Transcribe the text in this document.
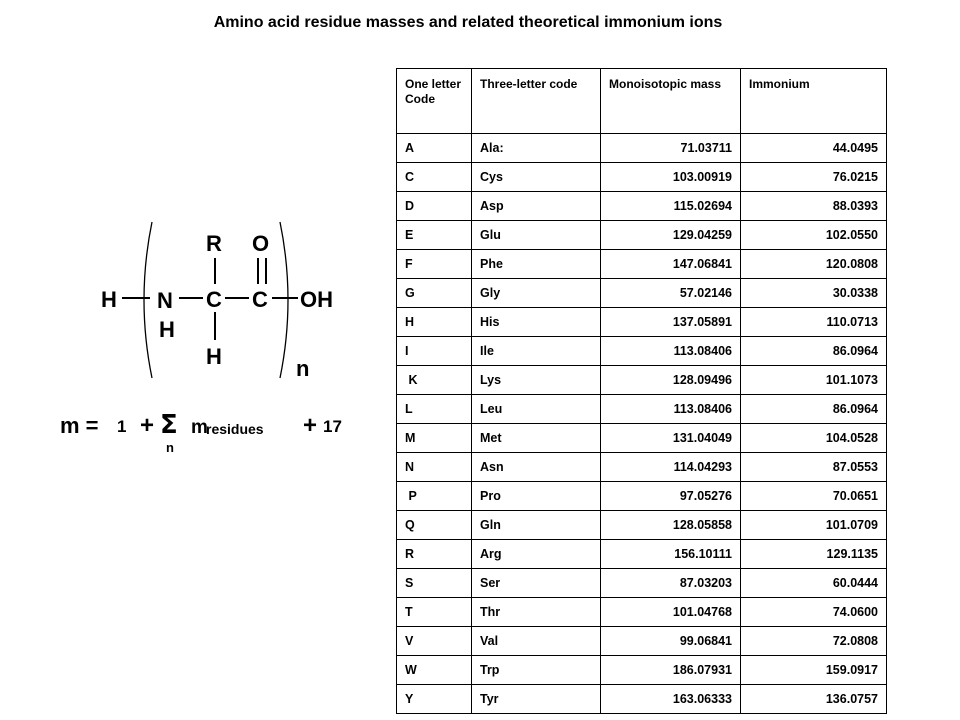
Amino acid residue masses and related theoretical immonium ions
R O
H N C C OH
H
H	n
m = 1 + Σ m
residues
n
+ 17
One letter Code	Three-letter code	Monoisotopic mass	Immonium
A	Ala:	71.03711	44.0495
C	Cys	103.00919	76.0215
D	Asp	115.02694	88.0393
E	Glu	129.04259	102.0550
F	Phe	147.06841	120.0808
G	Gly	57.02146	30.0338
H	His	137.05891	110.0713
I	Ile	113.08406	86.0964
K	Lys	128.09496	101.1073
L	Leu	113.08406	86.0964
M	Met	131.04049	104.0528
N	Asn	114.04293	87.0553
P	Pro	97.05276	70.0651
Q	Gln	128.05858	101.0709
R	Arg	156.10111	129.1135
S	Ser	87.03203	60.0444
T	Thr	101.04768	74.0600
V	Val	99.06841	72.0808
W	Trp	186.07931	159.0917
Y	Tyr	163.06333	136.0757
